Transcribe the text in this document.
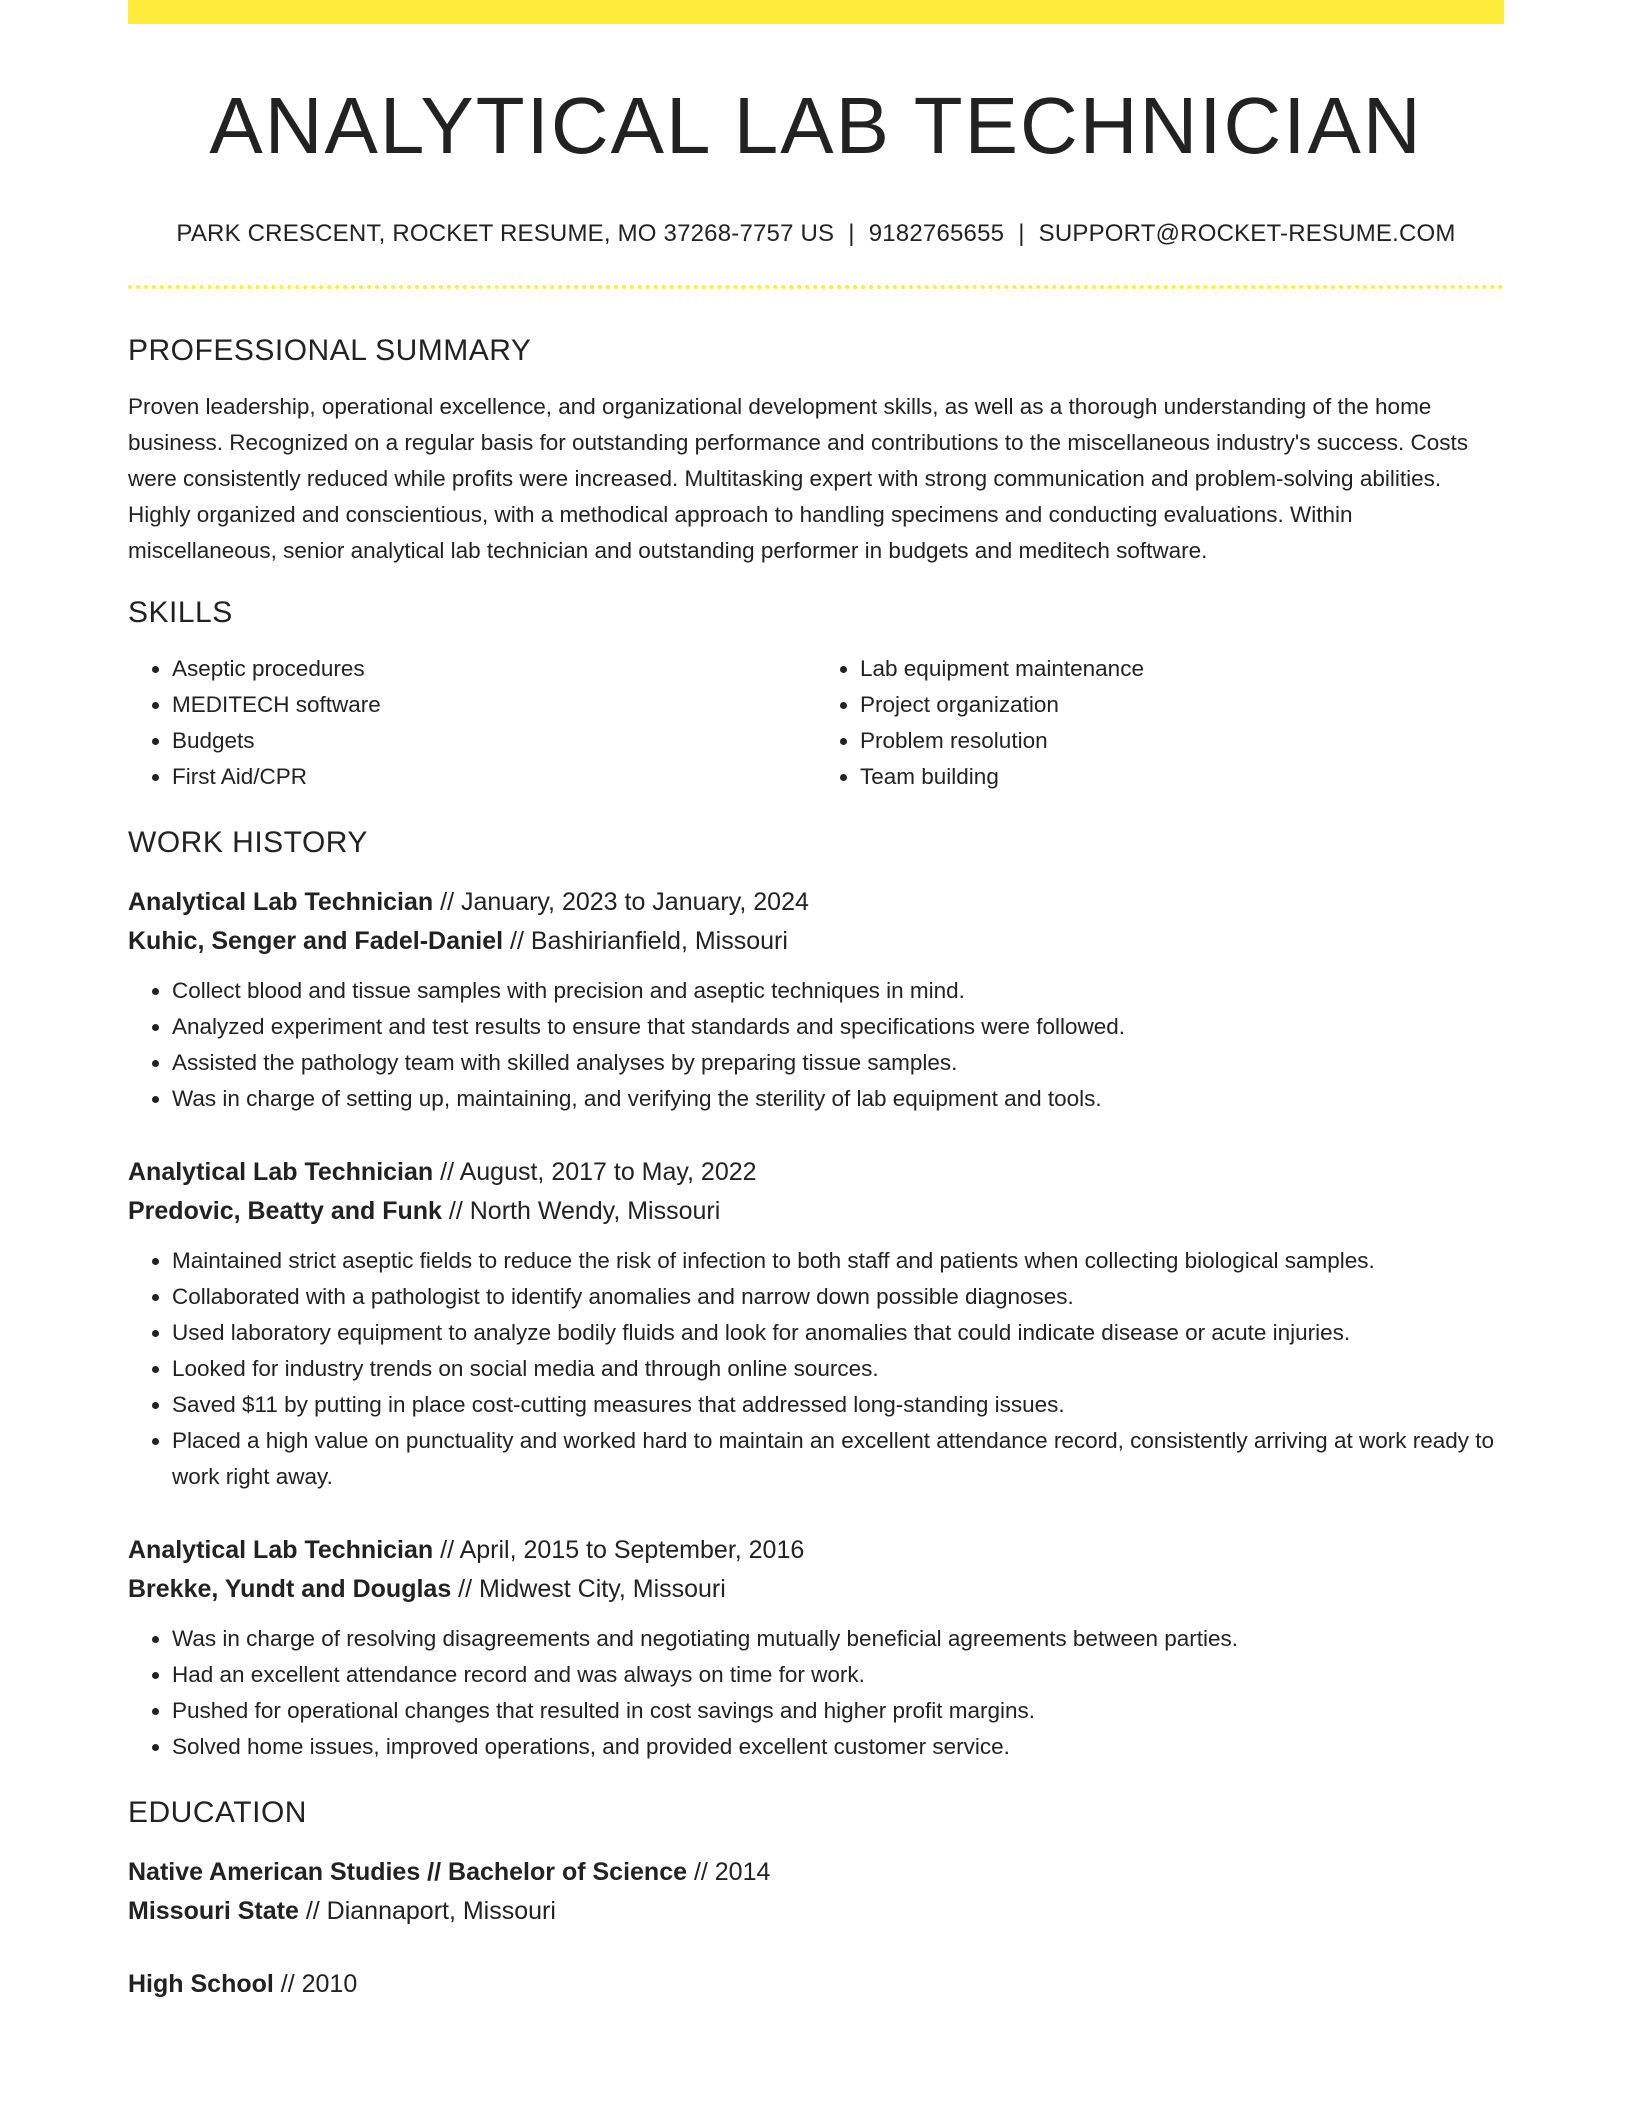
ANALYTICAL LAB TECHNICIAN
PARK CRESCENT, ROCKET RESUME, MO 37268-7757 US | 9182765655 | SUPPORT@ROCKET-RESUME.COM
PROFESSIONAL SUMMARY

Proven leadership, operational excellence, and organizational development skills, as well as a thorough understanding of the home business. Recognized on a regular basis for outstanding performance and contributions to the miscellaneous industry's success. Costs were consistently reduced while profits were increased. Multitasking expert with strong communication and problem-solving abilities. Highly organized and conscientious, with a methodical approach to handling specimens and conducting evaluations. Within miscellaneous, senior analytical lab technician and outstanding performer in budgets and meditech software.

SKILLS
• Aseptic procedures
• MEDITECH software
• Budgets
• First Aid/CPR
• Lab equipment maintenance
• Project organization
• Problem resolution
• Team building
WORK HISTORY
Analytical Lab Technician // January, 2023 to January, 2024
Kuhic, Senger and Fadel-Daniel // Bashirianfield, Missouri
• Collect blood and tissue samples with precision and aseptic techniques in mind.
• Analyzed experiment and test results to ensure that standards and specifications were followed.
• Assisted the pathology team with skilled analyses by preparing tissue samples.
• Was in charge of setting up, maintaining, and verifying the sterility of lab equipment and tools.
Analytical Lab Technician // August, 2017 to May, 2022
Predovic, Beatty and Funk // North Wendy, Missouri
• Maintained strict aseptic fields to reduce the risk of infection to both staff and patients when collecting biological samples.
• Collaborated with a pathologist to identify anomalies and narrow down possible diagnoses.
• Used laboratory equipment to analyze bodily fluids and look for anomalies that could indicate disease or acute injuries.
• Looked for industry trends on social media and through online sources.
• Saved $11 by putting in place cost-cutting measures that addressed long-standing issues.
• Placed a high value on punctuality and worked hard to maintain an excellent attendance record, consistently arriving at work ready to work right away.
Analytical Lab Technician // April, 2015 to September, 2016
Brekke, Yundt and Douglas // Midwest City, Missouri
• Was in charge of resolving disagreements and negotiating mutually beneficial agreements between parties.
• Had an excellent attendance record and was always on time for work.
• Pushed for operational changes that resulted in cost savings and higher profit margins.
• Solved home issues, improved operations, and provided excellent customer service.
EDUCATION
Native American Studies // Bachelor of Science // 2014
Missouri State // Diannaport, Missouri
High School // 2010
